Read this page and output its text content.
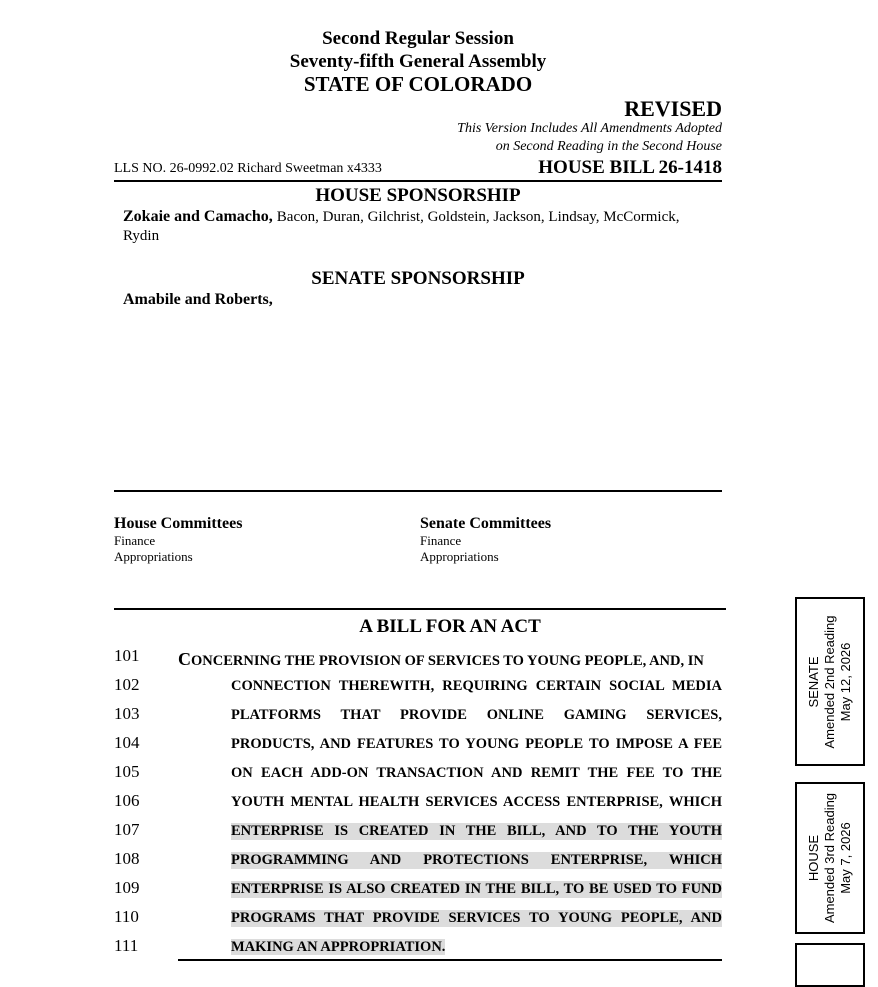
Second Regular Session
Seventy-fifth General Assembly
STATE OF COLORADO
REVISED
This Version Includes All Amendments Adopted
on Second Reading in the Second House
LLS NO. 26-0992.02 Richard Sweetman x4333	HOUSE BILL 26-1418
HOUSE SPONSORSHIP
Zokaie and Camacho, Bacon, Duran, Gilchrist, Goldstein, Jackson, Lindsay, McCormick,
Rydin
SENATE SPONSORSHIP
Amabile and Roberts,
House Committees
Finance
Appropriations
Senate Committees
Finance
Appropriations
A BILL FOR AN ACT
101	CONCERNING THE PROVISION OF SERVICES TO YOUNG PEOPLE, AND, IN
102	CONNECTION THEREWITH, REQUIRING CERTAIN SOCIAL MEDIA
103	PLATFORMS THAT PROVIDE ONLINE GAMING SERVICES,
104	PRODUCTS, AND FEATURES TO YOUNG PEOPLE TO IMPOSE A FEE
105	ON EACH ADD-ON TRANSACTION AND REMIT THE FEE TO THE
106	YOUTH MENTAL HEALTH SERVICES ACCESS ENTERPRISE, WHICH
107	ENTERPRISE IS CREATED IN THE BILL, AND TO THE YOUTH
108	PROGRAMMING AND PROTECTIONS ENTERPRISE, WHICH
109	ENTERPRISE IS ALSO CREATED IN THE BILL, TO BE USED TO FUND
110	PROGRAMS THAT PROVIDE SERVICES TO YOUNG PEOPLE, AND
111	MAKING AN APPROPRIATION.
SENATE Amended 2nd Reading May 12, 2026
HOUSE Amended 3rd Reading May 7, 2026
